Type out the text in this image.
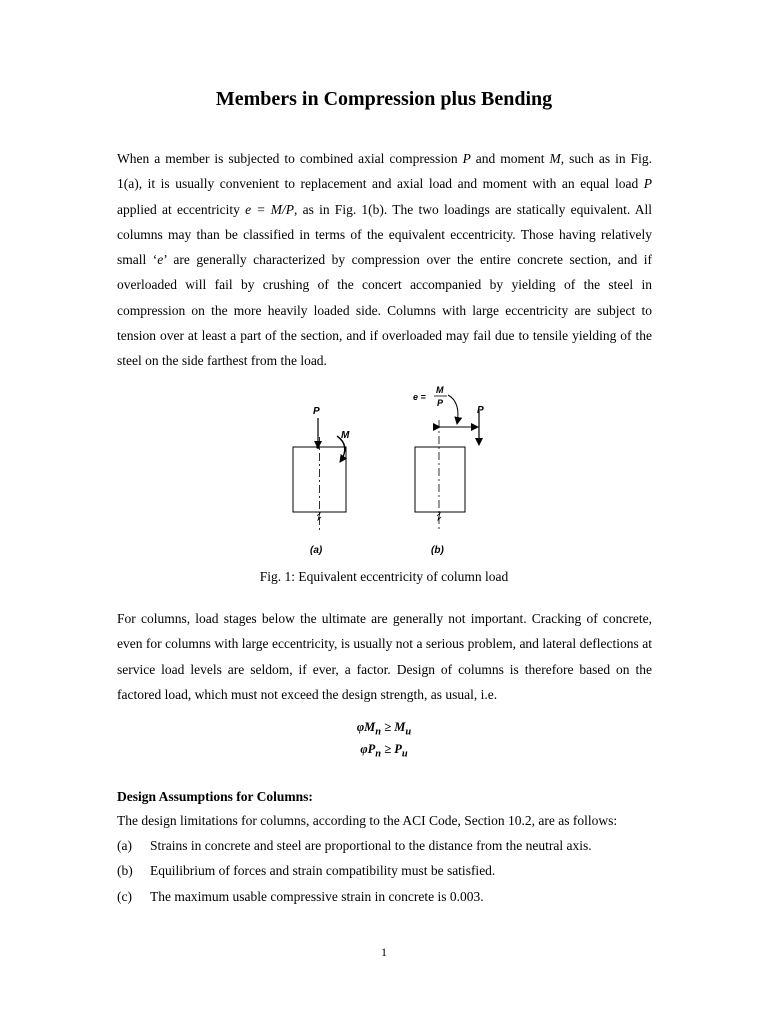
Members in Compression plus Bending

When a member is subjected to combined axial compression P and moment M, such as in Fig. 1(a), it is usually convenient to replacement and axial load and moment with an equal load P applied at eccentricity e = M/P, as in Fig. 1(b). The two loadings are statically equivalent. All columns may than be classified in terms of the equivalent eccentricity. Those having relatively small ‘e’ are generally characterized by compression over the entire concrete section, and if overloaded will fail by crushing of the concert accompanied by yielding of the steel in compression on the more heavily loaded side. Columns with large eccentricity are subject to tension over at least a part of the section, and if overloaded may fail due to tensile yielding of the steel on the side farthest from the load.

P
M
(a)
e =
M
P
P
(b)
Fig. 1: Equivalent eccentricity of column load

For columns, load stages below the ultimate are generally not important. Cracking of concrete, even for columns with large eccentricity, is usually not a serious problem, and lateral deflections at service load levels are seldom, if ever, a factor. Design of columns is therefore based on the factored load, which must not exceed the design strength, as usual, i.e.

$\varphi M_n \ge M_u$
$\varphi P_n \ge P_u$
Design Assumptions for Columns:
The design limitations for columns, according to the ACI Code, Section 10.2, are as follows:
(a) Strains in concrete and steel are proportional to the distance from the neutral axis.
(b) Equilibrium of forces and strain compatibility must be satisfied.
(c) The maximum usable compressive strain in concrete is 0.003.
1
